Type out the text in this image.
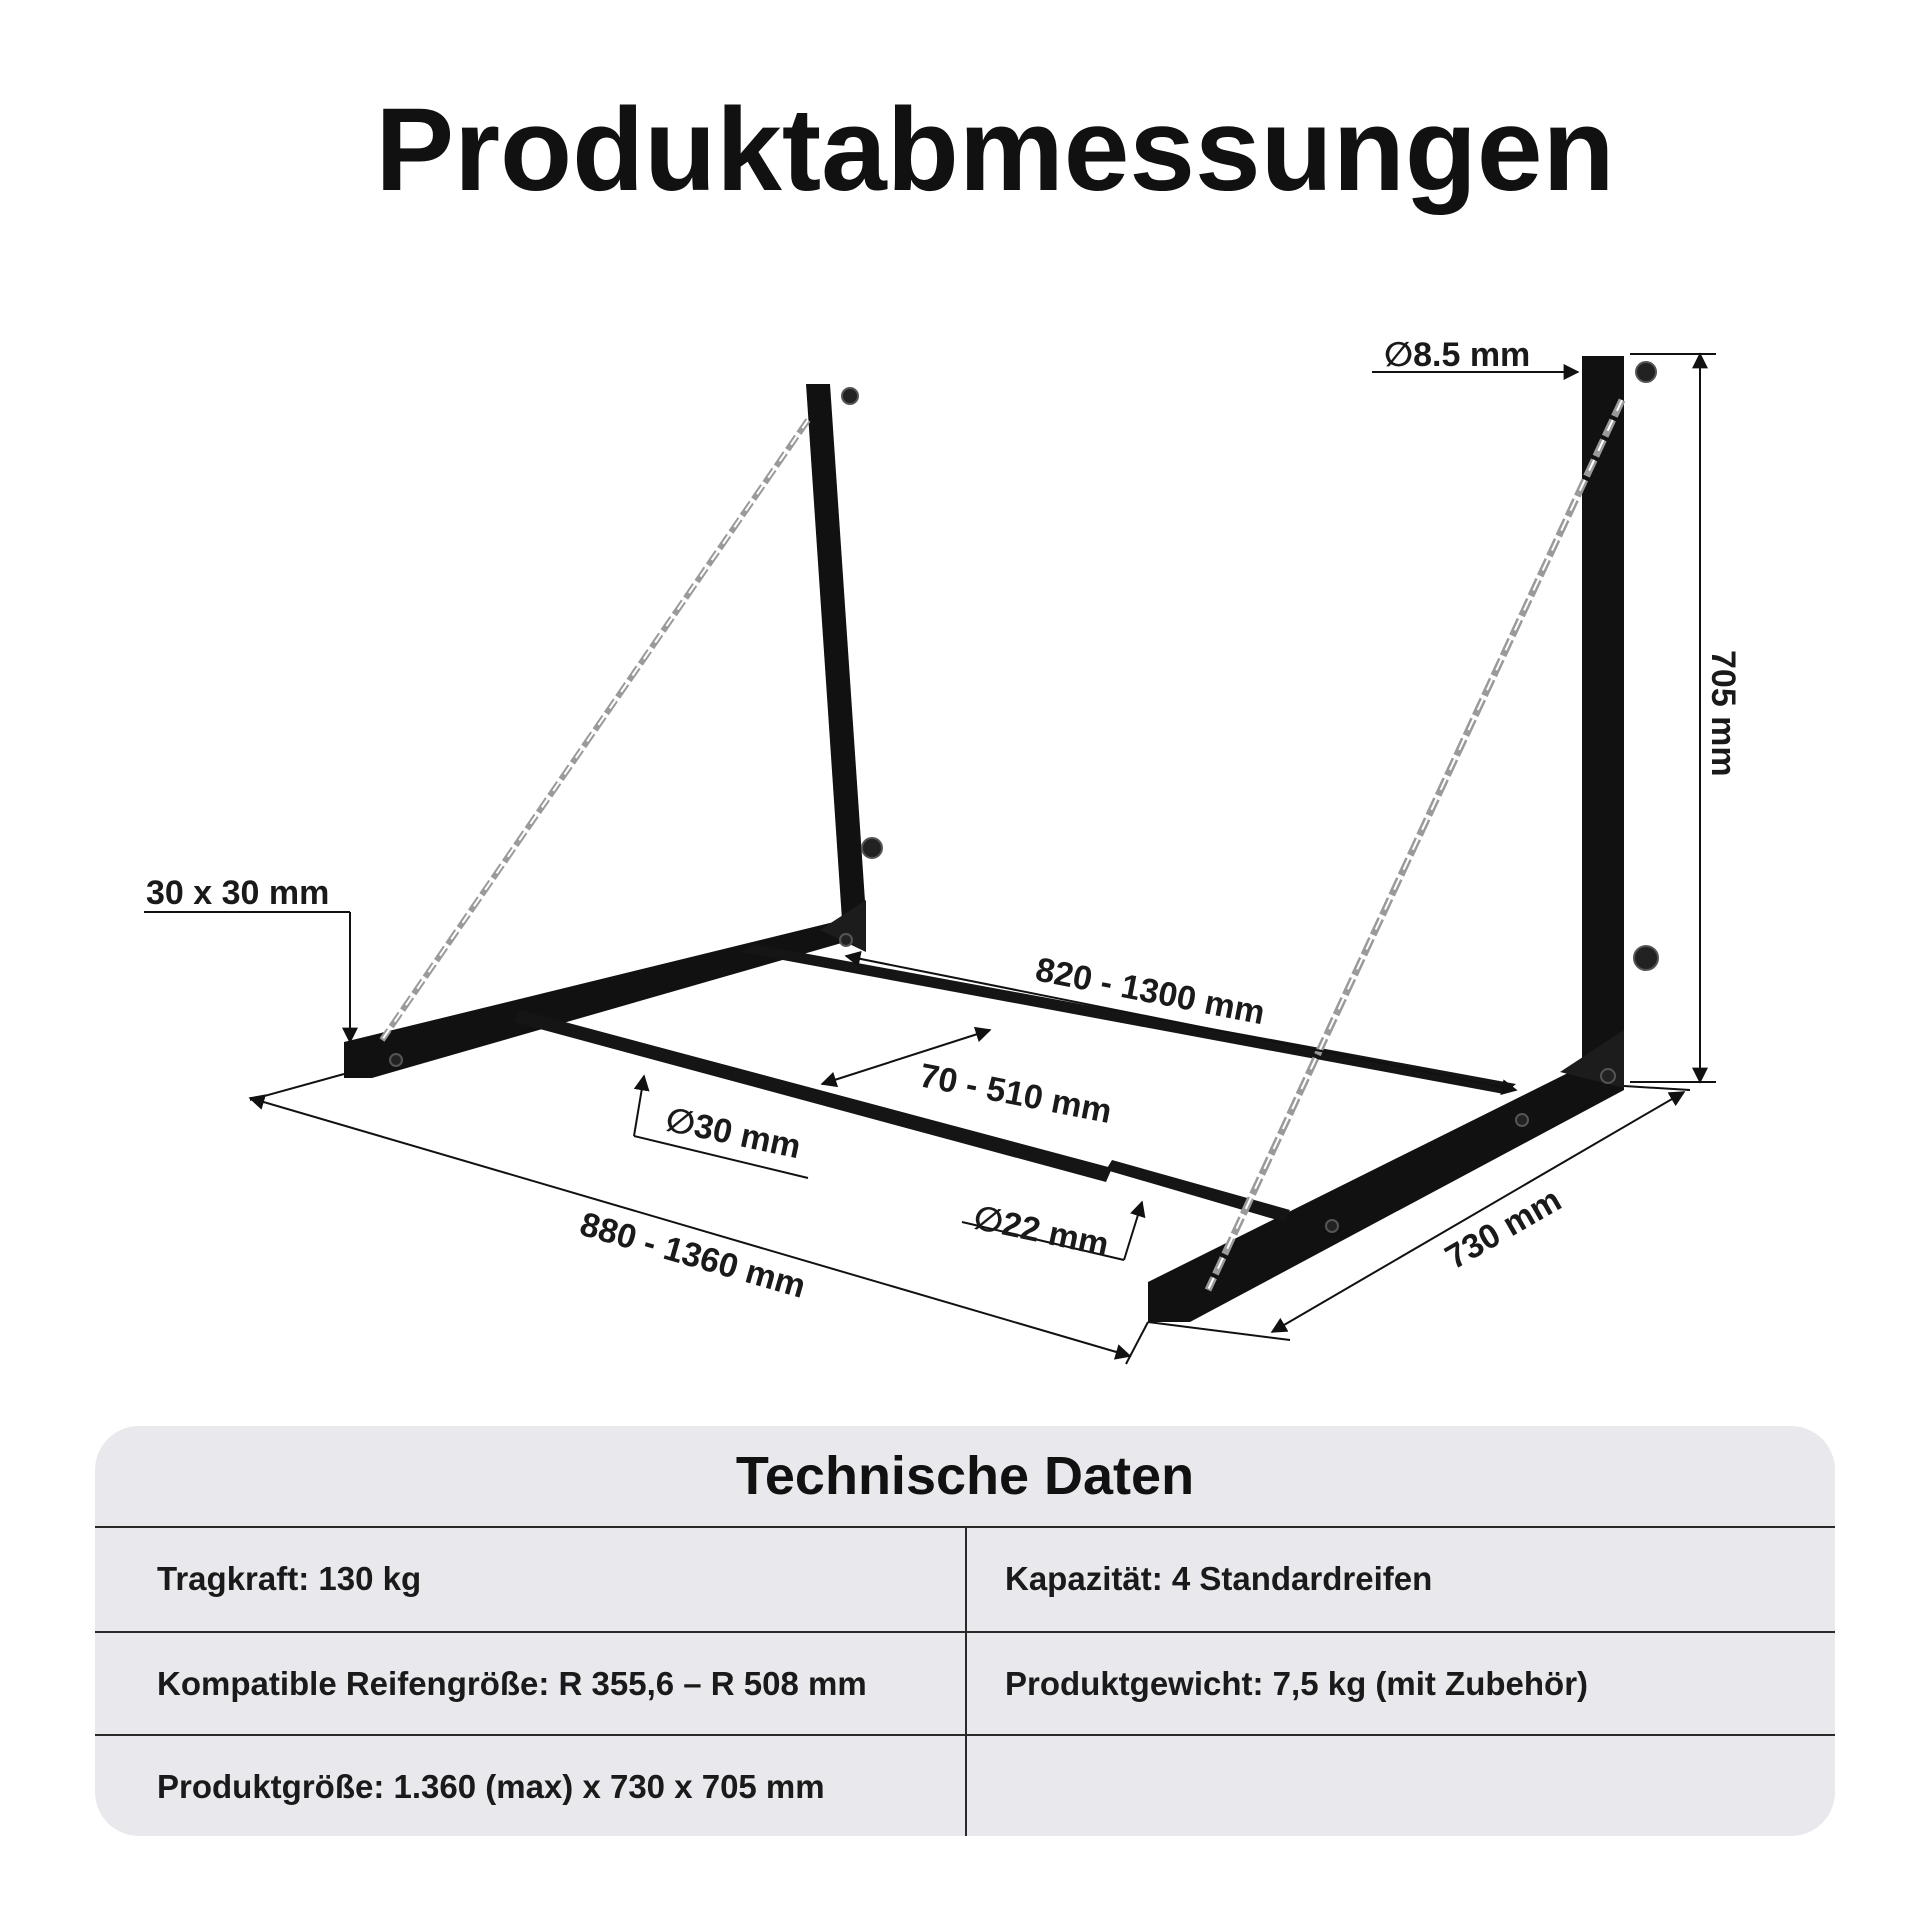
Produktabmessungen
∅8.5 mm
705 mm
30 x 30 mm
820 - 1300 mm
70 - 510 mm
∅30 mm
∅22 mm
880 - 1360 mm	730 mm
Technische Daten
Tragkraft: 130 kg	Kapazität: 4 Standardreifen
Kompatible Reifengröße: R 355,6 – R 508 mm	Produktgewicht: 7,5 kg (mit Zubehör)
Produktgröße: 1.360 (max) x 730 x 705 mm
